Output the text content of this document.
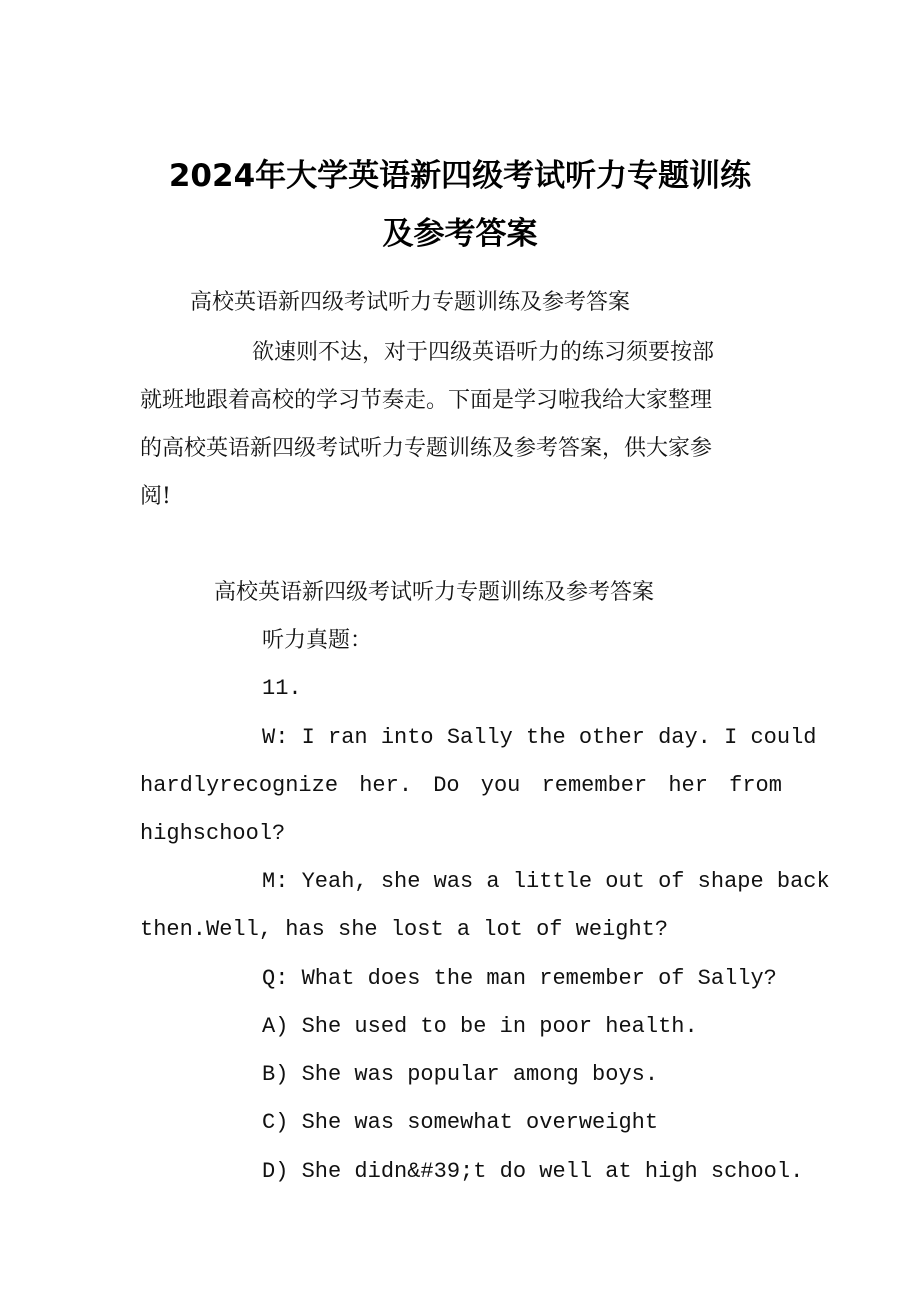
2024年大学英语新四级考试听力专题训练
及参考答案
高校英语新四级考试听力专题训练及参考答案
欲速则不达，对于四级英语听力的练习须要按部
就班地跟着高校的学习节奏走。下面是学习啦我给大家整理
的高校英语新四级考试听力专题训练及参考答案，供大家参
阅!
高校英语新四级考试听力专题训练及参考答案
听力真题：
11.
W: I ran into Sally the other day. I could
hardlyrecognize her. Do you remember her from
highschool?
M: Yeah, she was a little out of shape back
then.Well, has she lost a lot of weight?
Q: What does the man remember of Sally?
A) She used to be in poor health.
B) She was popular among boys.
C) She was somewhat overweight
D) She didn&#39;t do well at high school.
